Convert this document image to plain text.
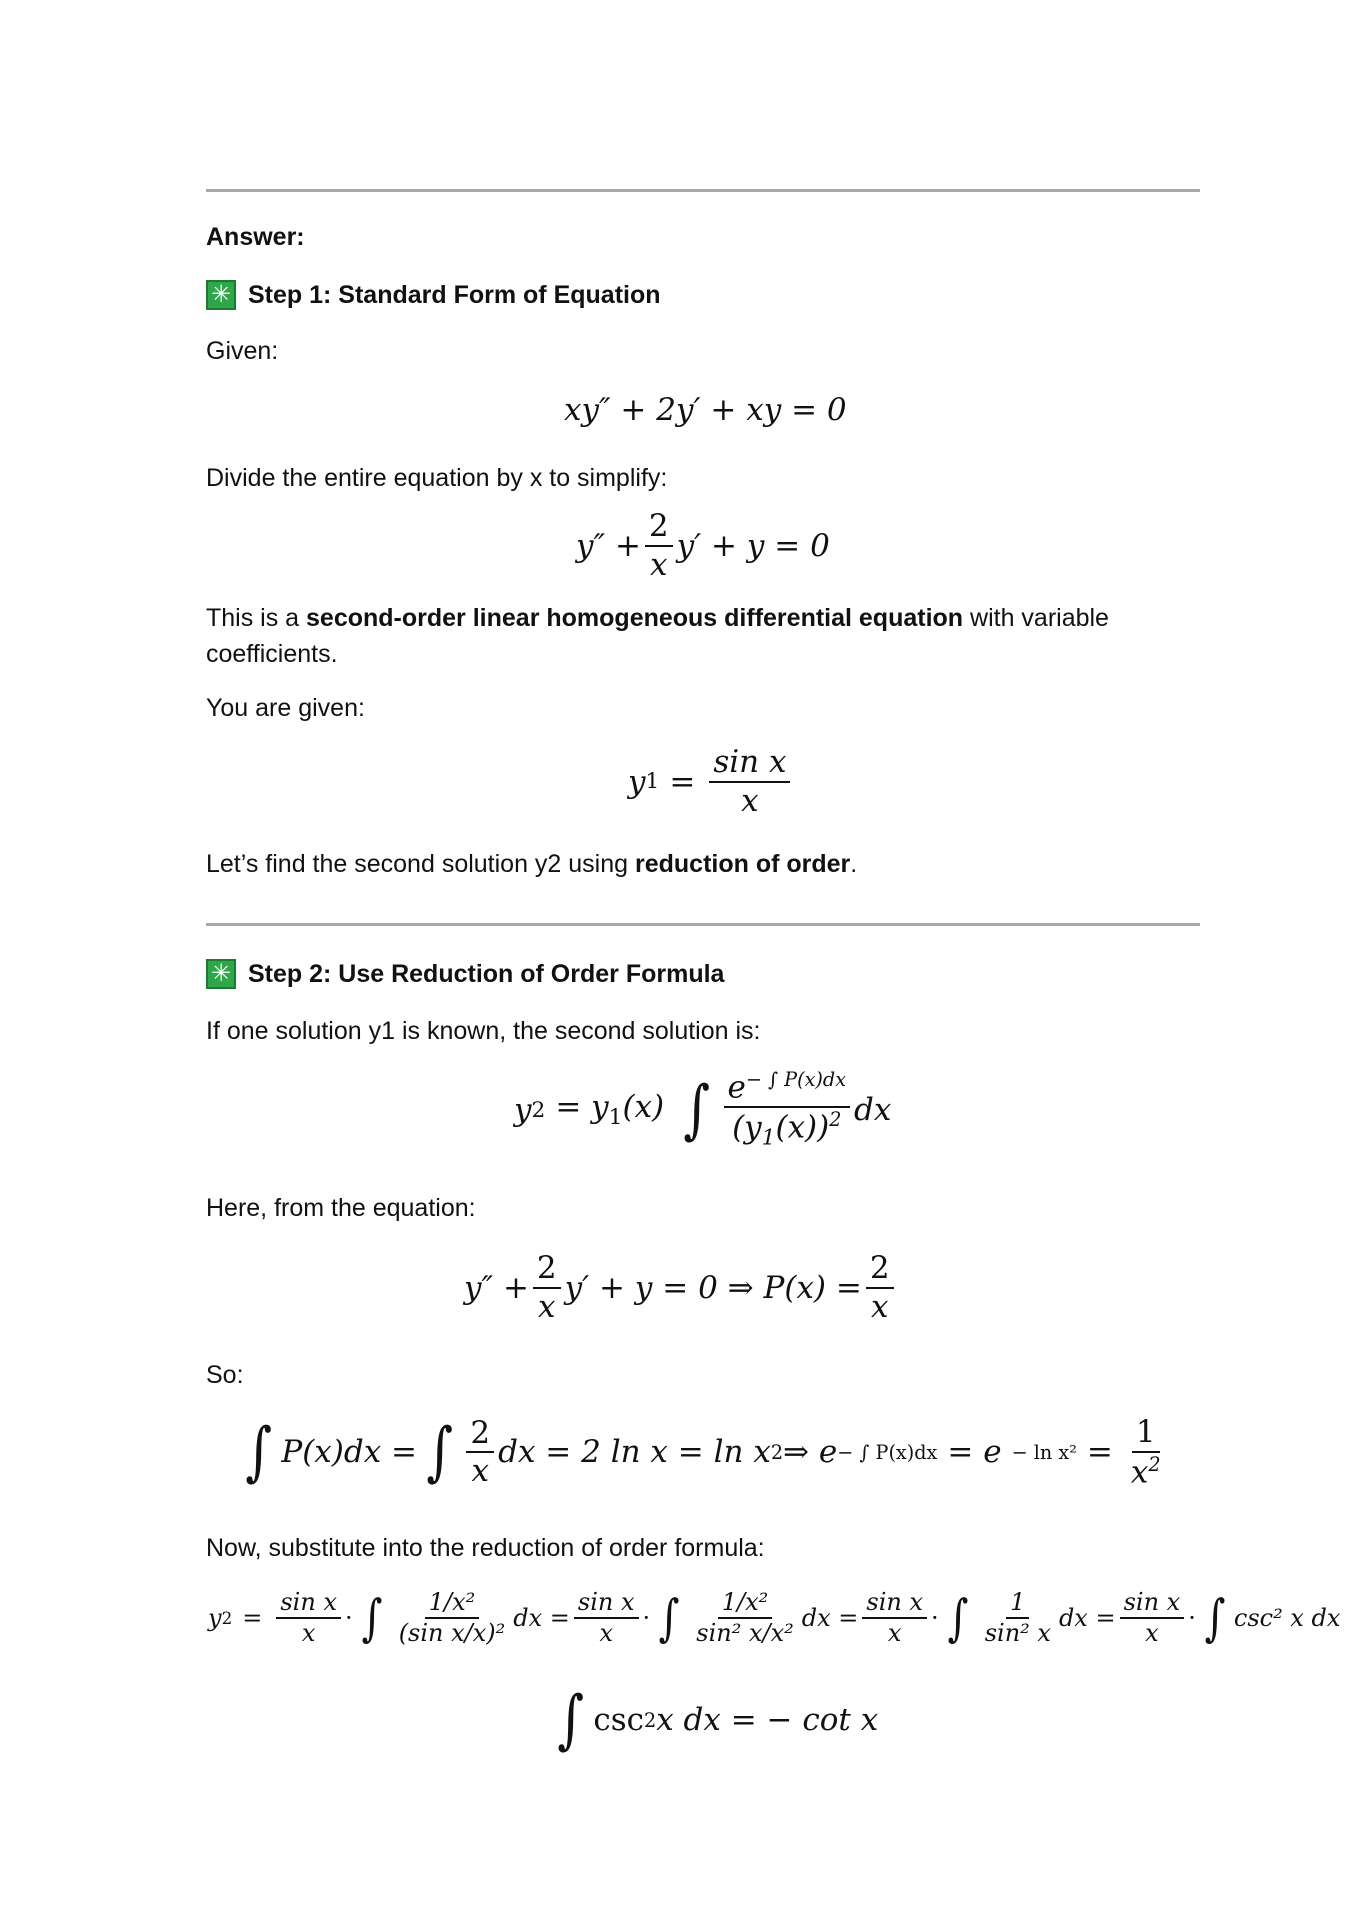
Answer:
✳ Step 1: Standard Form of Equation
Given:
xy″ + 2y′ + xy = 0
Divide the entire equation by x to simplify:
$y'' + \frac{2}{x} y' + y = 0$
This is a second-order linear homogeneous differential equation with variable
coefficients.
You are given:
y $1 = \frac{\text{sin x}}{x}$
Let’s find the second solution y2 using reduction of order.
✳ Step 2: Use Reduction of Order Formula
If one solution y1 is known, the second solution is:
y $2 = y_1(x)$ ∫ $\frac{e^{- \int P(x)dx}}{(y_1(x))^2}$ dx
Here, from the equation:
$y'' + \frac{2}{x} y' + y = 0$ ⇒ $P(x) = \frac{2}{x}$
So:
∫ P(x)dx = ∫ $\frac{2}{x}$ dx = 2 ln x = ln x 2 ⇒ e − ∫ $P(x)dx = e - \ln x^2 = \frac{1}{x^2}$
Now, substitute into the reduction of order formula:
y $2 = \frac{\text{sin x}}{x}$ · ∫ $\frac{\text{1/x²}}{\text{(sin x/x)²}}$ dx = $\frac{\text{sin x}}{x}$ · ∫ $\frac{\text{1/x²}}{\text{sin² x/x²}}$ dx = $\frac{\text{sin x}}{x}$ · ∫ $\frac{1}{\text{sin² x}}$ dx = $\frac{\text{sin x}}{x}$ · ∫ csc² x dx
∫ csc 2 x dx = − cot x
